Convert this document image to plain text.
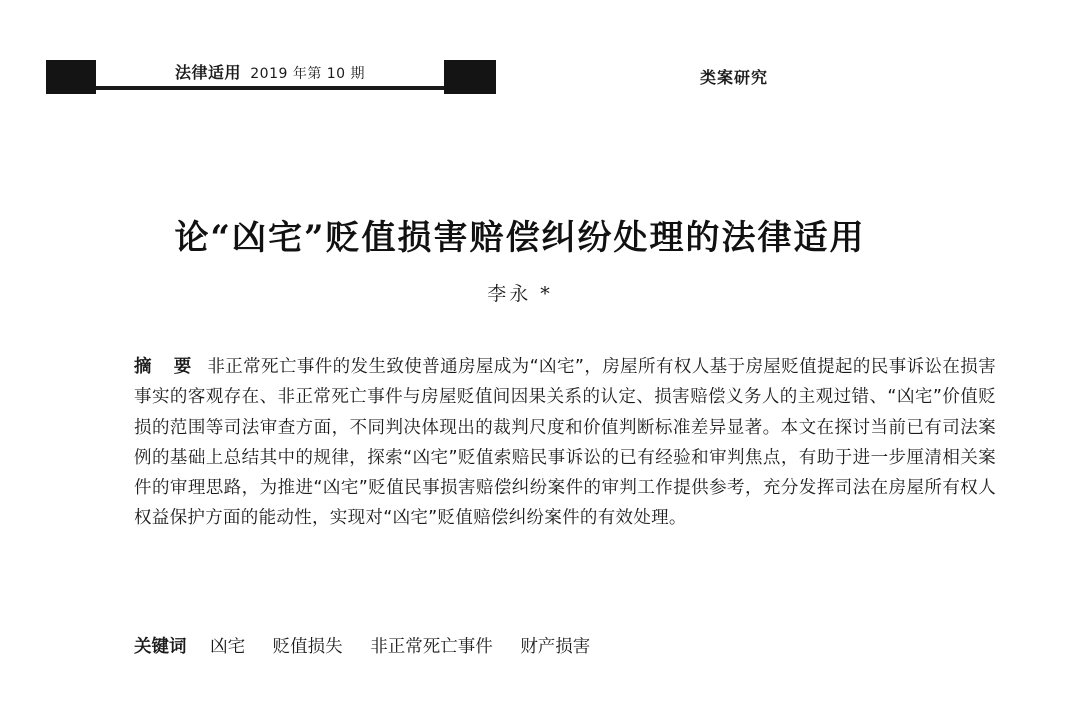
法律适用 2019 年第 10 期	类案研究
论“凶宅”贬值损害赔偿纠纷处理的法律适用
李永 *

摘 要 非正常死亡事件的发生致使普通房屋成为“凶宅”，房屋所有权人基于房屋贬值提起的民事诉讼在损害事实的客观存在、非正常死亡事件与房屋贬值间因果关系的认定、损害赔偿义务人的主观过错、“凶宅”价值贬损的范围等司法审查方面，不同判决体现出的裁判尺度和价值判断标准差异显著。本文在探讨当前已有司法案例的基础上总结其中的规律，探索“凶宅”贬值索赔民事诉讼的已有经验和审判焦点，有助于进一步厘清相关案件的审理思路，为推进“凶宅”贬值民事损害赔偿纠纷案件的审判工作提供参考，充分发挥司法在房屋所有权人权益保护方面的能动性，实现对“凶宅”贬值赔偿纠纷案件的有效处理。

关键词 凶宅 贬值损失 非正常死亡事件 财产损害
